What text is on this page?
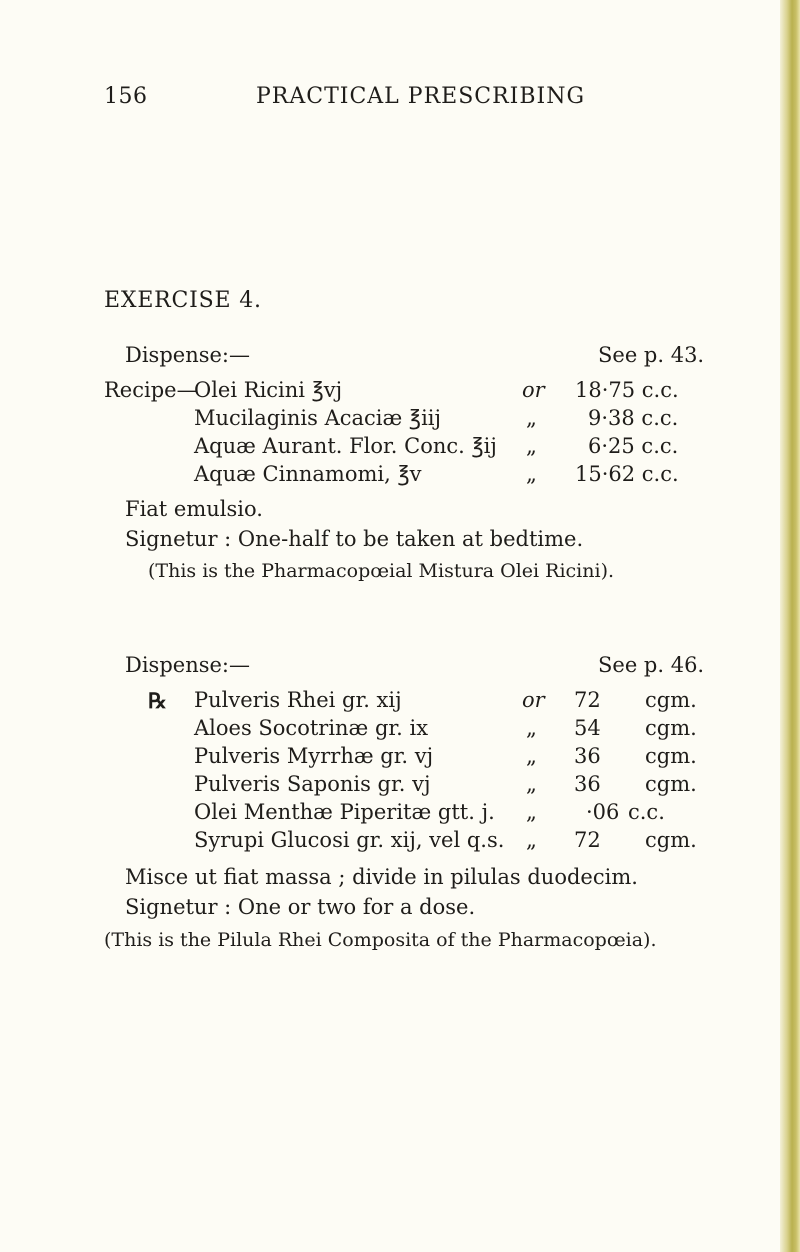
156	PRACTICAL PRESCRIBING
EXERCISE 4.
Dispense:—	See p. 43.
Recipe—
Olei Ricini ℥vj	or 18·75 c.c.
Mucilaginis Acaciæ ℥iij	„ 9·38 c.c.
Aquæ Aurant. Flor. Conc. ℥ij „ 6·25 c.c.
Aquæ Cinnamomi, ℥v	„ 15·62 c.c.
Fiat emulsio.
Signetur : One-half to be taken at bedtime.
(This is the Pharmacopœial Mistura Olei Ricini).
Dispense:—	See p. 46.
℞ Pulveris Rhei gr. xij	or 72 cgm.
Aloes Socotrinæ gr. ix	„ 54 cgm.
Pulveris Myrrhæ gr. vj	„ 36 cgm.
Pulveris Saponis gr. vj	„ 36 cgm.
Olei Menthæ Piperitæ gtt. j. „ ·06 c.c.
Syrupi Glucosi gr. xij, vel q.s. „ 72 cgm.
Misce ut fiat massa ; divide in pilulas duodecim.
Signetur : One or two for a dose.
(This is the Pilula Rhei Composita of the Pharmacopœia).
